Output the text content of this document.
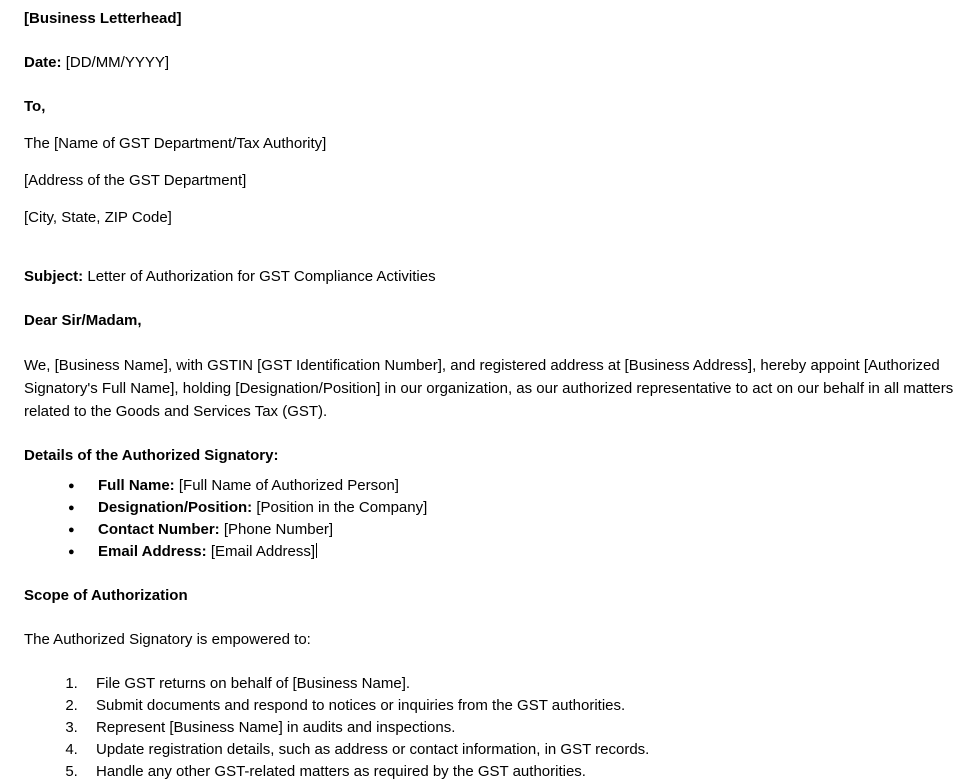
[Business Letterhead]

Date: [DD/MM/YYYY]

To,

The [Name of GST Department/Tax Authority]

[Address of the GST Department]

[City, State, ZIP Code]

Subject: Letter of Authorization for GST Compliance Activities

Dear Sir/Madam,

We, [Business Name], with GSTIN [GST Identification Number], and registered address at [Business Address], hereby appoint [Authorized Signatory's Full Name], holding [Designation/Position] in our organization, as our authorized representative to act on our behalf in all matters related to the Goods and Services Tax (GST).

Details of the Authorized Signatory:

● Full Name: [Full Name of Authorized Person]
● Designation/Position: [Position in the Company]
● Contact Number: [Phone Number]
● Email Address: [Email Address]

Scope of Authorization

The Authorized Signatory is empowered to:

1. File GST returns on behalf of [Business Name].
2. Submit documents and respond to notices or inquiries from the GST authorities.
3. Represent [Business Name] in audits and inspections.
4. Update registration details, such as address or contact information, in GST records.
5. Handle any other GST-related matters as required by the GST authorities.
